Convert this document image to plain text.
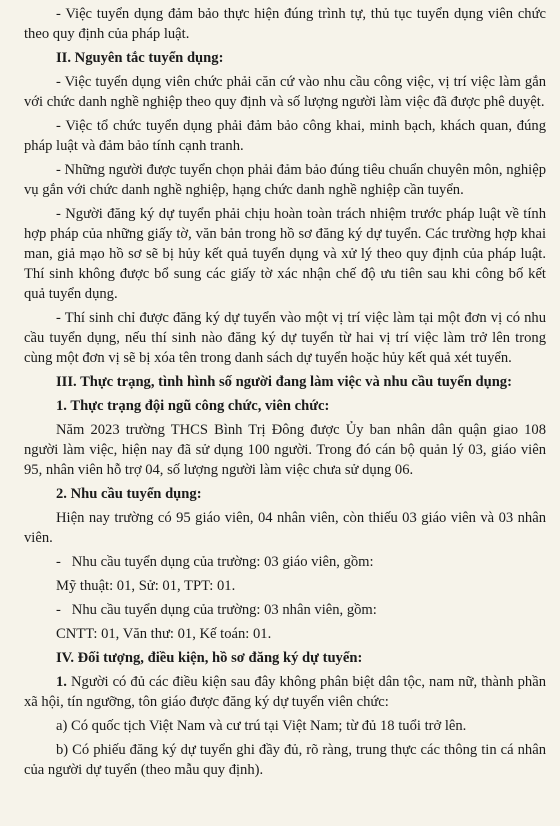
- Việc tuyển dụng đảm bảo thực hiện đúng trình tự, thủ tục tuyển dụng viên chức theo quy định của pháp luật.

II. Nguyên tắc tuyển dụng:

- Việc tuyển dụng viên chức phải căn cứ vào nhu cầu công việc, vị trí việc làm gắn với chức danh nghề nghiệp theo quy định và số lượng người làm việc đã được phê duyệt.

- Việc tổ chức tuyển dụng phải đảm bảo công khai, minh bạch, khách quan, đúng pháp luật và đảm bảo tính cạnh tranh.

- Những người được tuyển chọn phải đảm bảo đúng tiêu chuẩn chuyên môn, nghiệp vụ gắn với chức danh nghề nghiệp, hạng chức danh nghề nghiệp cần tuyển.

- Người đăng ký dự tuyển phải chịu hoàn toàn trách nhiệm trước pháp luật về tính hợp pháp của những giấy tờ, văn bản trong hồ sơ đăng ký dự tuyển. Các trường hợp khai man, giả mạo hồ sơ sẽ bị hủy kết quả tuyển dụng và xử lý theo quy định của pháp luật. Thí sinh không được bổ sung các giấy tờ xác nhận chế độ ưu tiên sau khi công bố kết quả tuyển dụng.

- Thí sinh chỉ được đăng ký dự tuyển vào một vị trí việc làm tại một đơn vị có nhu cầu tuyển dụng, nếu thí sinh nào đăng ký dự tuyển từ hai vị trí việc làm trở lên trong cùng một đơn vị sẽ bị xóa tên trong danh sách dự tuyển hoặc hủy kết quả xét tuyển.

III. Thực trạng, tình hình số người đang làm việc và nhu cầu tuyển dụng:

1. Thực trạng đội ngũ công chức, viên chức:

Năm 2023 trường THCS Bình Trị Đông được Ủy ban nhân dân quận giao 108 người làm việc, hiện nay đã sử dụng 100 người. Trong đó cán bộ quản lý 03, giáo viên 95, nhân viên hỗ trợ 04, số lượng người làm việc chưa sử dụng 06.

2. Nhu cầu tuyển dụng:

Hiện nay trường có 95 giáo viên, 04 nhân viên, còn thiếu 03 giáo viên và 03 nhân viên.

-   Nhu cầu tuyển dụng của trường: 03 giáo viên, gồm:

Mỹ thuật: 01, Sử: 01, TPT: 01.

-   Nhu cầu tuyển dụng của trường: 03 nhân viên, gồm:

CNTT: 01, Văn thư: 01, Kế toán: 01.

IV. Đối tượng, điều kiện, hồ sơ đăng ký dự tuyển:

1. Người có đủ các điều kiện sau đây không phân biệt dân tộc, nam nữ, thành phần xã hội, tín ngưỡng, tôn giáo được đăng ký dự tuyển viên chức:

a) Có quốc tịch Việt Nam và cư trú tại Việt Nam; từ đủ 18 tuổi trở lên.

b) Có phiếu đăng ký dự tuyển ghi đầy đủ, rõ ràng, trung thực các thông tin cá nhân của người dự tuyển (theo mẫu quy định).
